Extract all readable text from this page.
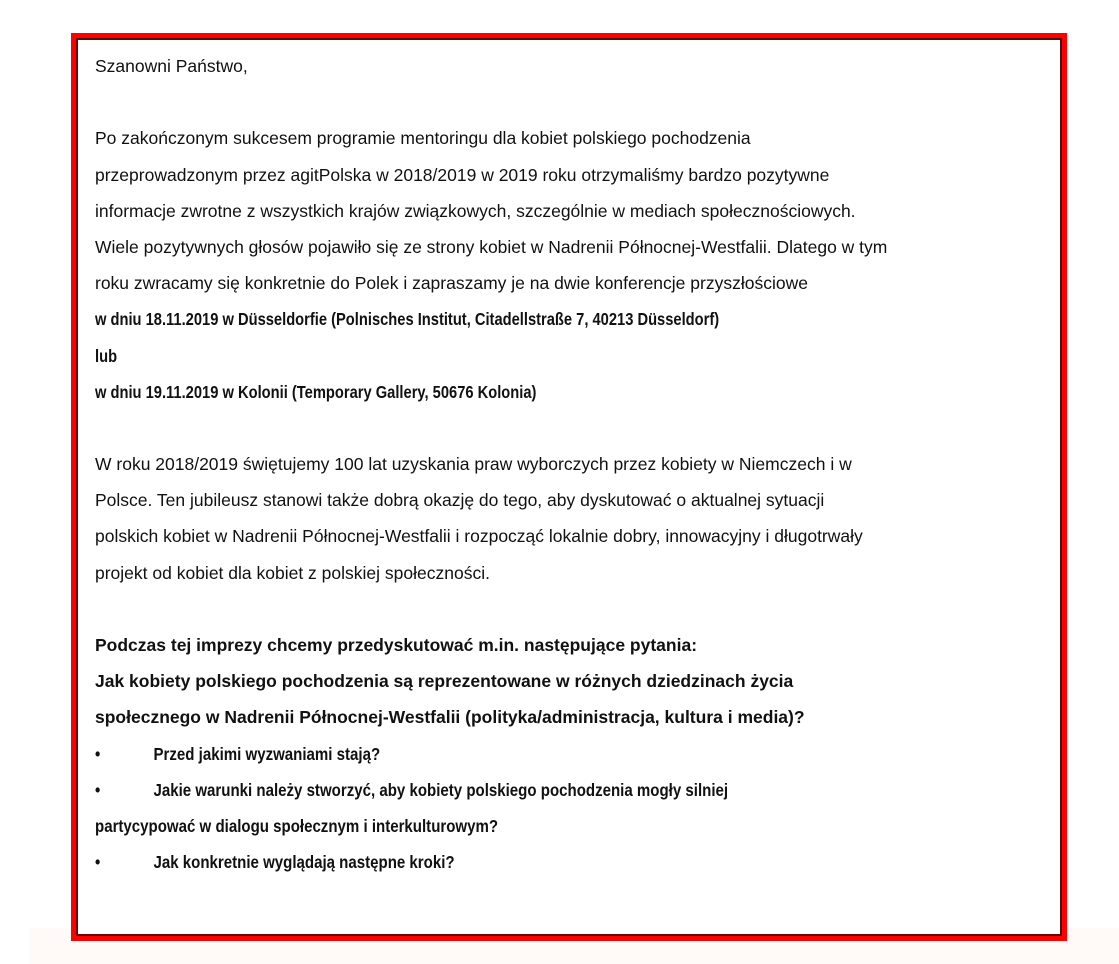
Szanowni Państwo,
Po zakończonym sukcesem programie mentoringu dla kobiet polskiego pochodzenia
przeprowadzonym przez agitPolska w 2018/2019 w 2019 roku otrzymaliśmy bardzo pozytywne
informacje zwrotne z wszystkich krajów związkowych, szczególnie w mediach społecznościowych.
Wiele pozytywnych głosów pojawiło się ze strony kobiet w Nadrenii Północnej-Westfalii. Dlatego w tym
roku zwracamy się konkretnie do Polek i zapraszamy je na dwie konferencje przyszłościowe
w dniu 18.11.2019 w Düsseldorfie (Polnisches Institut, Citadellstraße 7, 40213 Düsseldorf)
lub
w dniu 19.11.2019 w Kolonii (Temporary Gallery, 50676 Kolonia)
W roku 2018/2019 świętujemy 100 lat uzyskania praw wyborczych przez kobiety w Niemczech i w
Polsce. Ten jubileusz stanowi także dobrą okazję do tego, aby dyskutować o aktualnej sytuacji
polskich kobiet w Nadrenii Północnej-Westfalii i rozpocząć lokalnie dobry, innowacyjny i długotrwały
projekt od kobiet dla kobiet z polskiej społeczności.
Podczas tej imprezy chcemy przedyskutować m.in. następujące pytania:
Jak kobiety polskiego pochodzenia są reprezentowane w różnych dziedzinach życia
społecznego w Nadrenii Północnej-Westfalii (polityka/administracja, kultura i media)?
•	Przed jakimi wyzwaniami stają?
•	Jakie warunki należy stworzyć, aby kobiety polskiego pochodzenia mogły silniej
partycypować w dialogu społecznym i interkulturowym?
•	Jak konkretnie wyglądają następne kroki?
